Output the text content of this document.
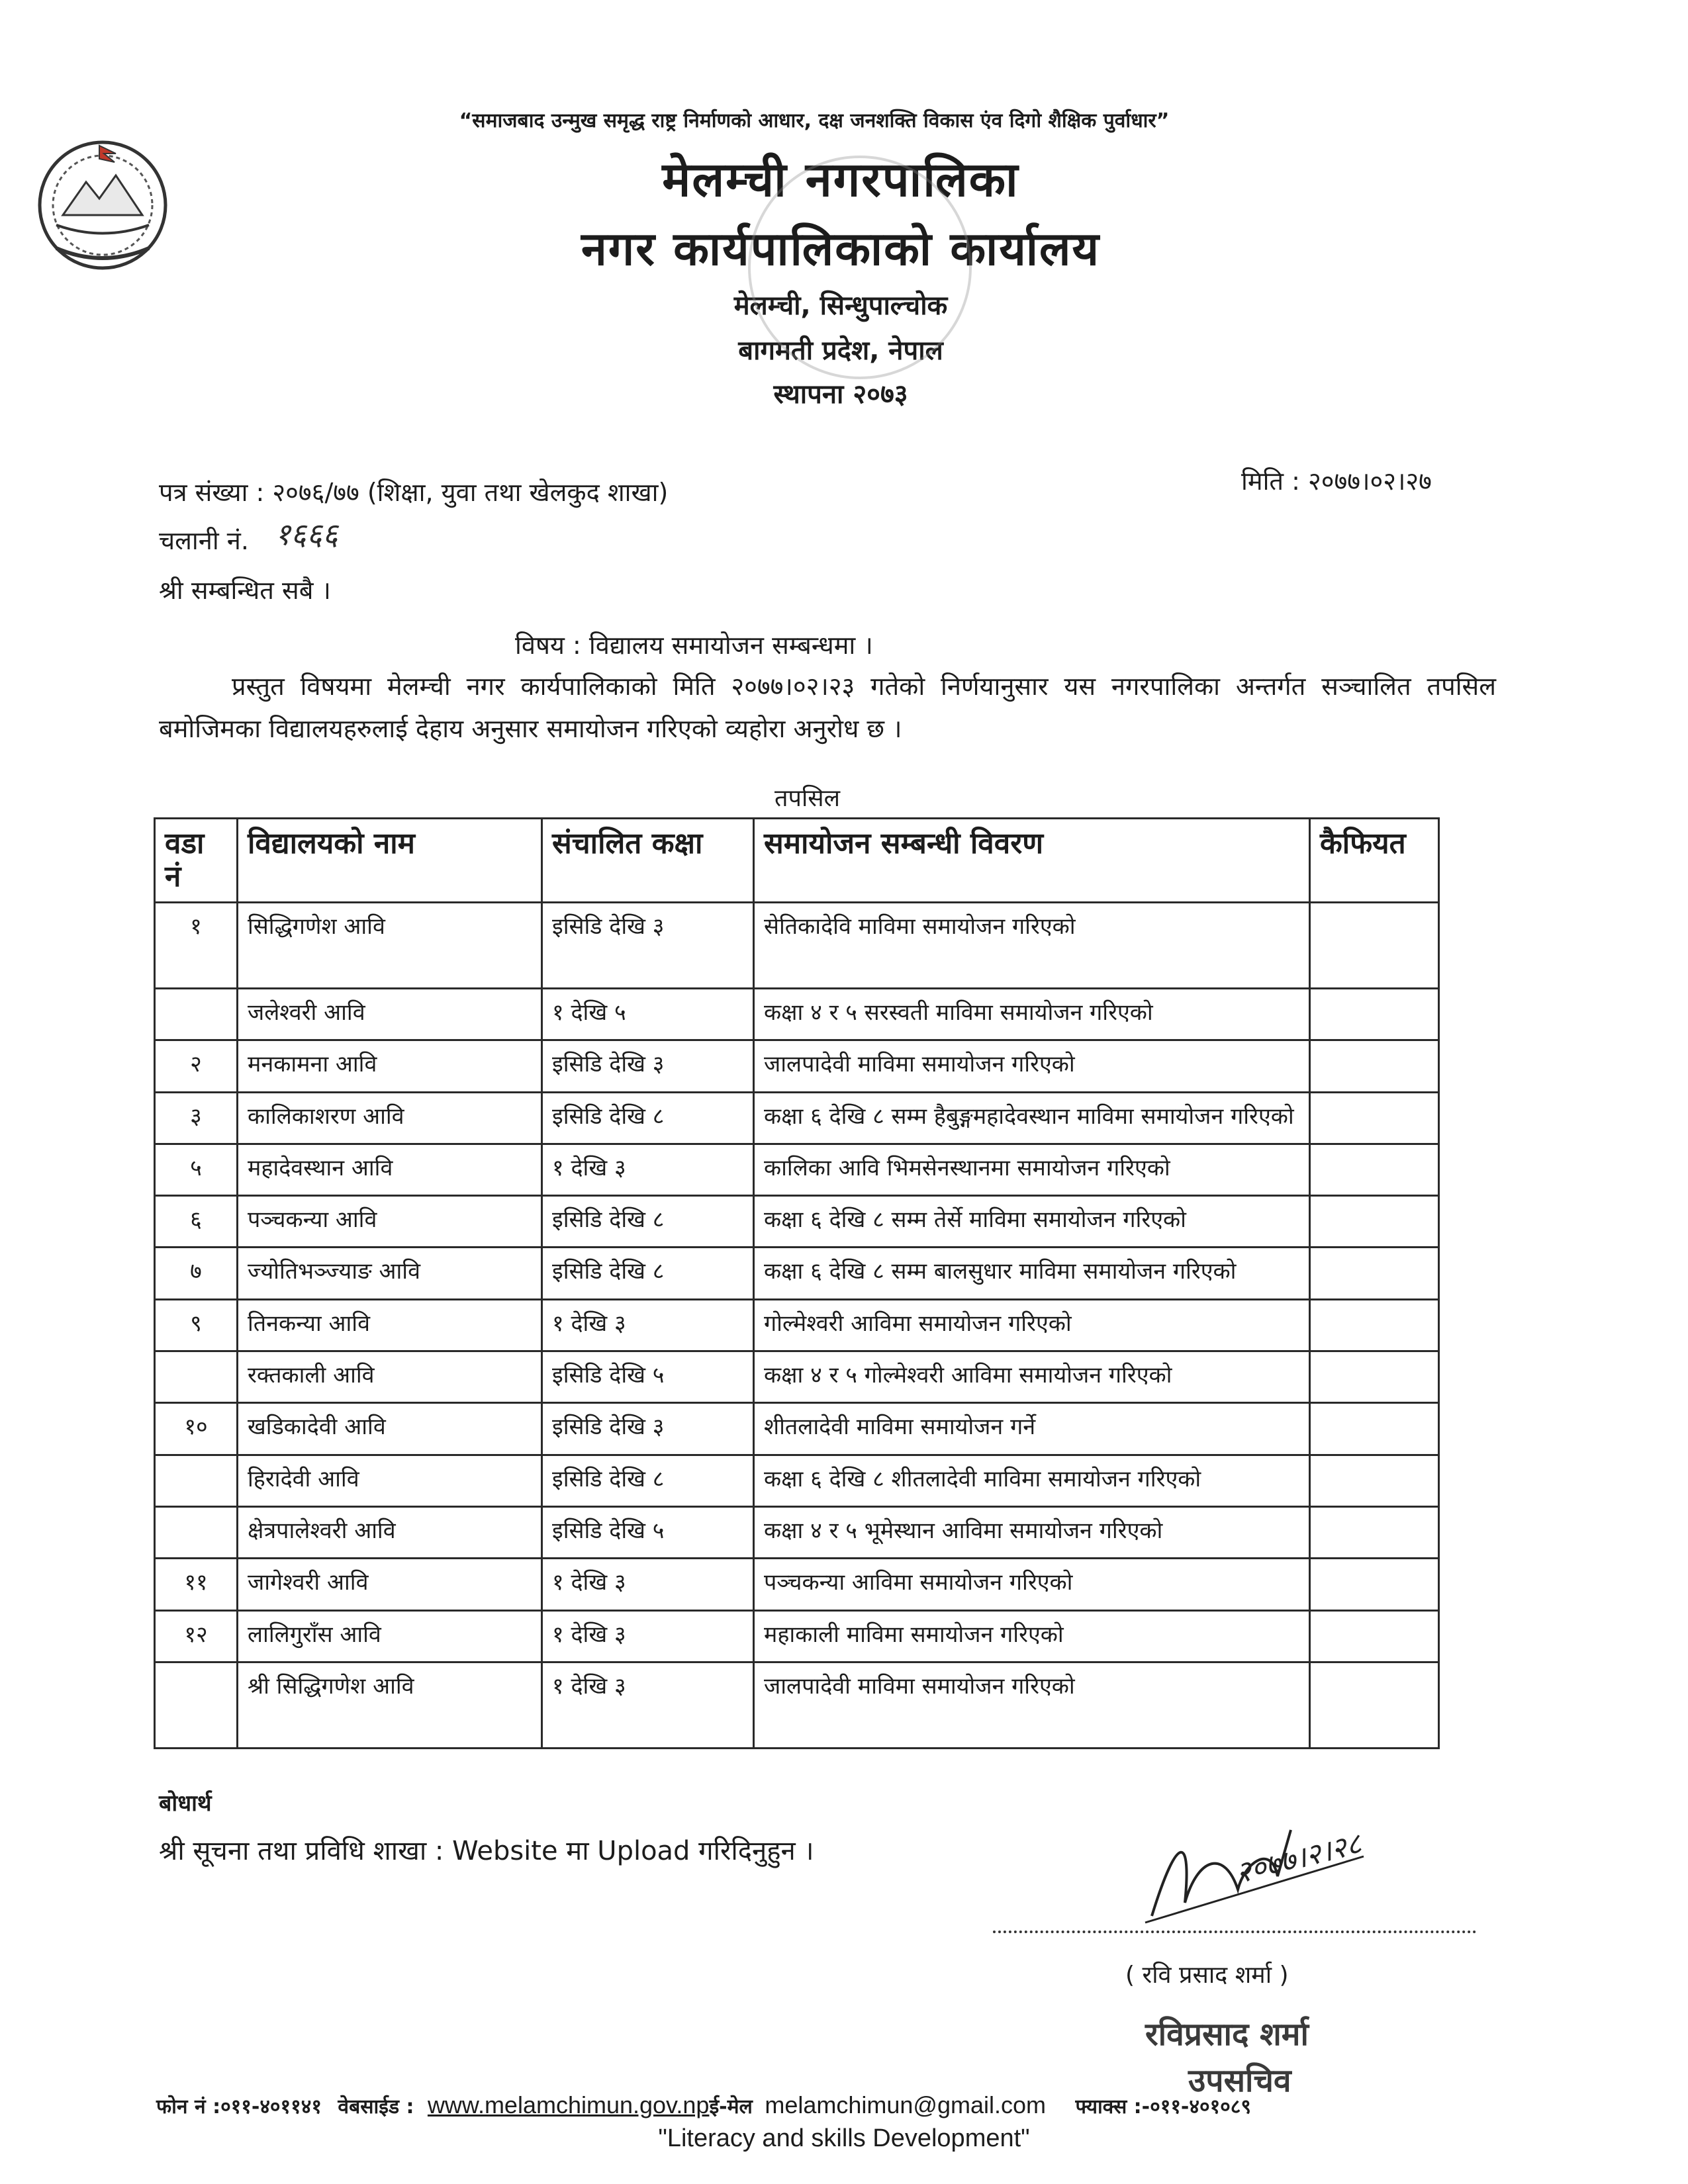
“समाजबाद उन्मुख समृद्ध राष्ट्र निर्माणको आधार, दक्ष जनशक्ति विकास एंव दिगो शैक्षिक पुर्वाधार”
मेलम्ची नगरपालिका
नगर कार्यपालिकाको कार्यालय
मेलम्ची, सिन्धुपाल्चोक
बागमती प्रदेश, नेपाल
स्थापना २०७३
पत्र संख्या : २०७६/७७ (शिक्षा, युवा तथा खेलकुद शाखा)	मिति : २०७७।०२।२७
चलानी नं. १६६६
श्री सम्बन्धित सबै ।
विषय : विद्यालय समायोजन सम्बन्धमा ।
प्रस्तुत विषयमा मेलम्ची नगर कार्यपालिकाको मिति २०७७।०२।२३ गतेको निर्णयानुसार यस नगरपालिका अन्तर्गत सञ्चालित तपसिल बमोजिमका विद्यालयहरुलाई देहाय अनुसार समायोजन गरिएको व्यहोरा अनुरोध छ ।
तपसिल
वडा नं	विद्यालयको नाम	संचालित कक्षा	समायोजन सम्बन्धी विवरण	कैफियत
१	सिद्धिगणेश आवि	इसिडि देखि ३	सेतिकादेवि माविमा समायोजन गरिएको	
	जलेश्वरी आवि	१ देखि ५	कक्षा ४ र ५ सरस्वती माविमा समायोजन गरिएको	
२	मनकामना आवि	इसिडि देखि ३	जालपादेवी माविमा समायोजन गरिएको	
३	कालिकाशरण आवि	इसिडि देखि ८	कक्षा ६ देखि ८ सम्म हैबुङ्गमहादेवस्थान माविमा समायोजन गरिएको	
५	महादेवस्थान आवि	१ देखि ३	कालिका आवि भिमसेनस्थानमा समायोजन गरिएको	
६	पञ्चकन्या आवि	इसिडि देखि ८	कक्षा ६ देखि ८ सम्म तेर्से माविमा समायोजन गरिएको	
७	ज्योतिभञ्ज्याङ आवि	इसिडि देखि ८	कक्षा ६ देखि ८ सम्म बालसुधार माविमा समायोजन गरिएको	
९	तिनकन्या आवि	१ देखि ३	गोल्मेश्वरी आविमा समायोजन गरिएको	
	रक्तकाली आवि	इसिडि देखि ५	कक्षा ४ र ५ गोल्मेश्वरी आविमा समायोजन गरिएको	
१०	खडिकादेवी आवि	इसिडि देखि ३	शीतलादेवी माविमा समायोजन गर्ने	
	हिरादेवी आवि	इसिडि देखि ८	कक्षा ६ देखि ८ शीतलादेवी माविमा समायोजन गरिएको	
	क्षेत्रपालेश्वरी आवि	इसिडि देखि ५	कक्षा ४ र ५ भूमेस्थान आविमा समायोजन गरिएको	
११	जागेश्वरी आवि	१ देखि ३	पञ्चकन्या आविमा समायोजन गरिएको	
१२	लालिगुराँस आवि	१ देखि ३	महाकाली माविमा समायोजन गरिएको	
	श्री सिद्धिगणेश आवि	१ देखि ३	जालपादेवी माविमा समायोजन गरिएको	
बोधार्थ
श्री सूचना तथा प्रविधि शाखा : Website मा Upload गरिदिनुहुन ।	२०७७।२।२८
( रवि प्रसाद शर्मा )
रविप्रसाद शर्मा
उपसचिव
फोन नं :०११-४०११४१ वेबसाईड : www.melamchimun.gov.npई-मेल melamchimun@gmail.com फ्याक्स :-०११-४०१०८९
"Literacy and skills Development"
